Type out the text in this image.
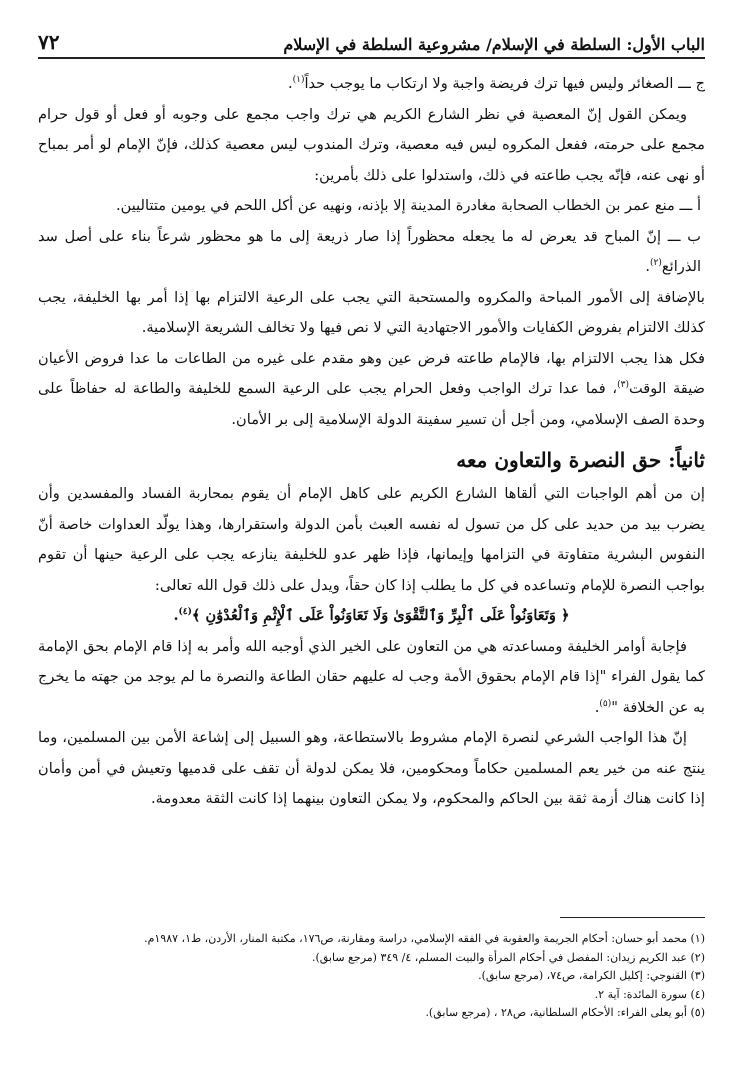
الباب الأول: السلطة في الإسلام/ مشروعية السلطة في الإسلام
٧٢

ج ـــ الصغائر وليس فيها ترك فريضة واجبة ولا ارتكاب ما يوجب حداً$^{(١)}$.

ويمكن القول إنّ المعصية في نظر الشارع الكريم هي ترك واجب مجمع على وجوبه أو فعل أو قول حرام مجمع على حرمته، ففعل المكروه ليس فيه معصية، وترك المندوب ليس معصية كذلك، فإنّ الإمام لو أمر بمباح أو نهى عنه، فإنّه يجب طاعته في ذلك، واستدلوا على ذلك بأمرين:

أ ـــ منع عمر بن الخطاب الصحابة مغادرة المدينة إلا بإذنه، ونهيه عن أكل اللحم في يومين متتاليين.

ب ـــ إنّ المباح قد يعرض له ما يجعله محظوراً إذا صار ذريعة إلى ما هو محظور شرعاً بناء على أصل سد الذرائع$^{(٢)}$.

بالإضافة إلى الأمور المباحة والمكروه والمستحبة التي يجب على الرعية الالتزام بها إذا أمر بها الخليفة، يجب كذلك الالتزام بفروض الكفايات والأمور الاجتهادية التي لا نص فيها ولا تخالف الشريعة الإسلامية.

فكل هذا يجب الالتزام بها، فالإمام طاعته فرض عين وهو مقدم على غيره من الطاعات ما عدا فروض الأعيان ضيقة الوقت$^{(٣)}$، فما عدا ترك الواجب وفعل الحرام يجب على الرعية السمع للخليفة والطاعة له حفاظاً على وحدة الصف الإسلامي، ومن أجل أن تسير سفينة الدولة الإسلامية إلى بر الأمان.

ثانياً: حق النصرة والتعاون معه

إن من أهم الواجبات التي ألقاها الشارع الكريم على كاهل الإمام أن يقوم بمحاربة الفساد والمفسدين وأن يضرب بيد من حديد على كل من تسول له نفسه العبث بأمن الدولة واستقرارها، وهذا يولّد العداوات خاصة أنّ النفوس البشرية متفاوتة في التزامها وإيمانها، فإذا ظهر عدو للخليفة ينازعه يجب على الرعية حينها أن تقوم بواجب النصرة للإمام وتساعده في كل ما يطلب إذا كان حقاً، ويدل على ذلك قول الله تعالى:

﴿ وَتَعَاوَنُواْ عَلَى ٱلْبِرِّ وَٱلتَّقْوَىٰ وَلَا تَعَاوَنُواْ عَلَى ٱلْإِثْمِ وَٱلْعُدْوَٰنِ ﴾$^{(٤)}$.

فإجابة أوامر الخليفة ومساعدته هي من التعاون على الخير الذي أوجبه الله وأمر به إذا قام الإمام بحق الإمامة كما يقول الفراء "إذا قام الإمام بحقوق الأمة وجب له عليهم حقان الطاعة والنصرة ما لم يوجد من جهته ما يخرج به عن الخلافة "$^{(٥)}$.

إنّ هذا الواجب الشرعي لنصرة الإمام مشروط بالاستطاعة، وهو السبيل إلى إشاعة الأمن بين المسلمين، وما ينتج عنه من خير يعم المسلمين حكاماً ومحكومين، فلا يمكن لدولة أن تقف على قدميها وتعيش في أمن وأمان إذا كانت هناك أزمة ثقة بين الحاكم والمحكوم، ولا يمكن التعاون بينهما إذا كانت الثقة معدومة.

(١) محمد أبو حسان: أحكام الجريمة والعقوبة في الفقه الإسلامي، دراسة ومقارنة، ص١٧٦، مكتبة المنار، الأردن، ط١، ١٩٨٧م.
(٢) عبد الكريم زيدان: المفصل في أحكام المرأة والبيت المسلم، ٤/ ٣٤٩ (مرجع سابق).
(٣) القنوجي: إكليل الكرامة، ص٧٤، (مرجع سابق).
(٤) سورة المائدة: آية ٢.
(٥) أبو يعلى الفراء: الأحكام السلطانية، ص٢٨ ، (مرجع سابق).
